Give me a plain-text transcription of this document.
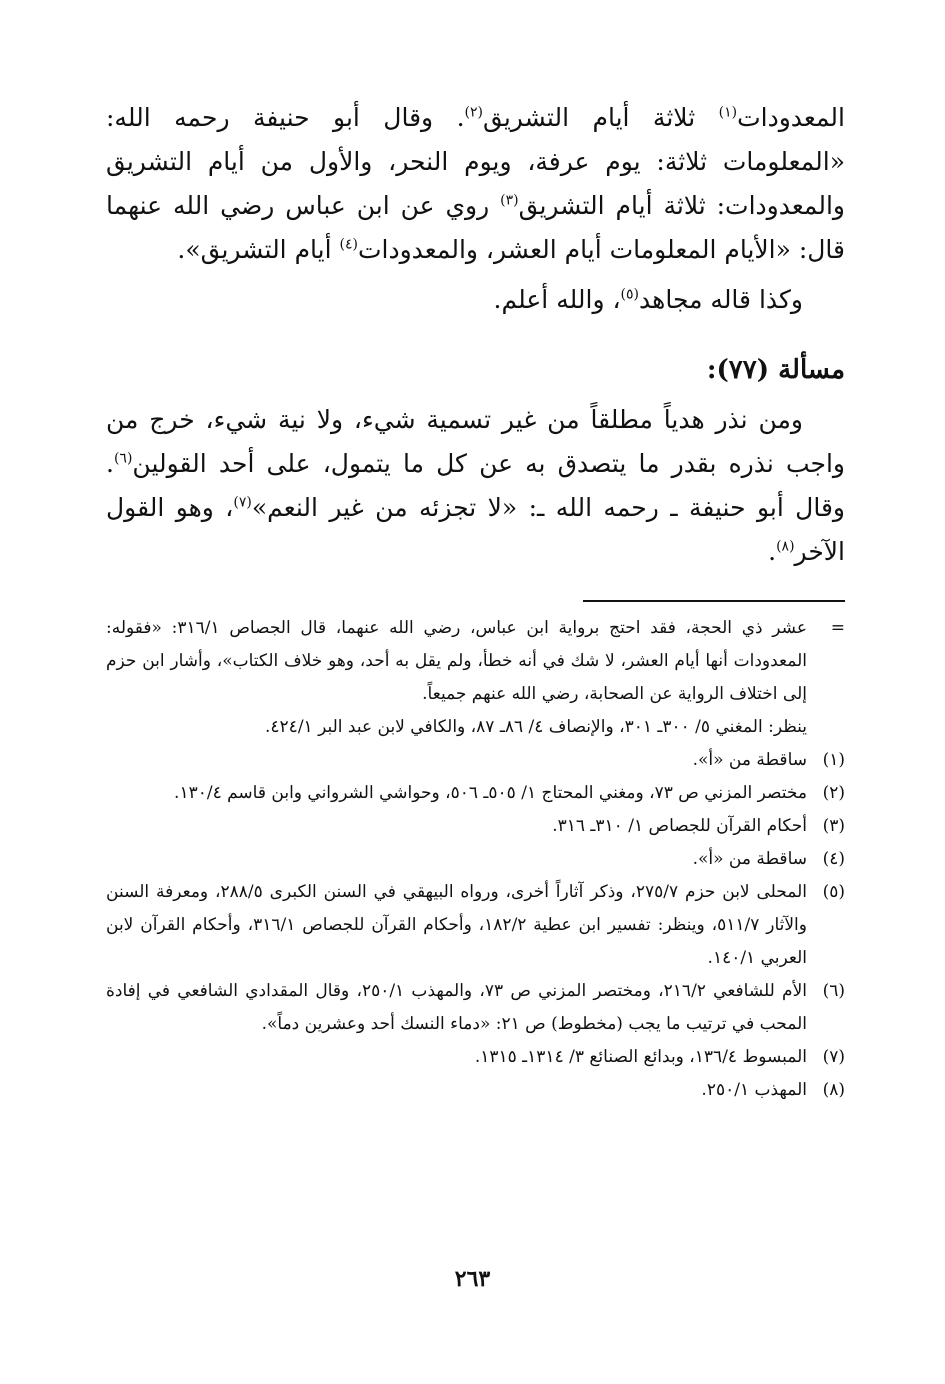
المعدودات$^{(١)}$ ثلاثة أيام التشريق$^{(٢)}$. وقال أبو حنيفة رحمه الله: «المعلومات ثلاثة: يوم عرفة، ويوم النحر، والأول من أيام التشريق والمعدودات: ثلاثة أيام التشريق$^{(٣)}$ روي عن ابن عباس رضي الله عنهما قال: «الأيام المعلومات أيام العشر، والمعدودات$^{(٤)}$ أيام التشريق».

وكذا قاله مجاهد$^{(٥)}$، والله أعلم.

مسألة (٧٧):

ومن نذر هدياً مطلقاً من غير تسمية شيء، ولا نية شيء، خرج من واجب نذره بقدر ما يتصدق به عن كل ما يتمول، على أحد القولين$^{(٦)}$. وقال أبو حنيفة ـ رحمه الله ـ: «لا تجزئه من غير النعم»$^{(٧)}$، وهو القول الآخر$^{(٨)}$.

=
عشر ذي الحجة، فقد احتج برواية ابن عباس، رضي الله عنهما، قال الجصاص ٣١٦/١: «فقوله: المعدودات أنها أيام العشر، لا شك في أنه خطأ، ولم يقل به أحد، وهو خلاف الكتاب»، وأشار ابن حزم إلى اختلاف الرواية عن الصحابة، رضي الله عنهم جميعاً.
ينظر: المغني ٥/ ٣٠٠ـ ٣٠١، والإنصاف ٤/ ٨٦ـ ٨٧، والكافي لابن عبد البر ٤٢٤/١.
(١)
ساقطة من «أ».
(٢)
مختصر المزني ص ٧٣، ومغني المحتاج ١/ ٥٠٥ـ ٥٠٦، وحواشي الشرواني وابن قاسم ١٣٠/٤.
(٣)
أحكام القرآن للجصاص ١/ ٣١٠ـ ٣١٦.
(٤)
ساقطة من «أ».
(٥)
المحلى لابن حزم ٢٧٥/٧، وذكر آثاراً أخرى، ورواه البيهقي في السنن الكبرى ٢٨٨/٥، ومعرفة السنن والآثار ٥١١/٧، وينظر: تفسير ابن عطية ١٨٢/٢، وأحكام القرآن للجصاص ٣١٦/١، وأحكام القرآن لابن العربي ١٤٠/١.
(٦)
الأم للشافعي ٢١٦/٢، ومختصر المزني ص ٧٣، والمهذب ٢٥٠/١، وقال المقدادي الشافعي في إفادة المحب في ترتيب ما يجب (مخطوط) ص ٢١: «دماء النسك أحد وعشرين دماً».
(٧)
المبسوط ١٣٦/٤، وبدائع الصنائع ٣/ ١٣١٤ـ ١٣١٥.
(٨)
المهذب ٢٥٠/١.
٢٦٣
